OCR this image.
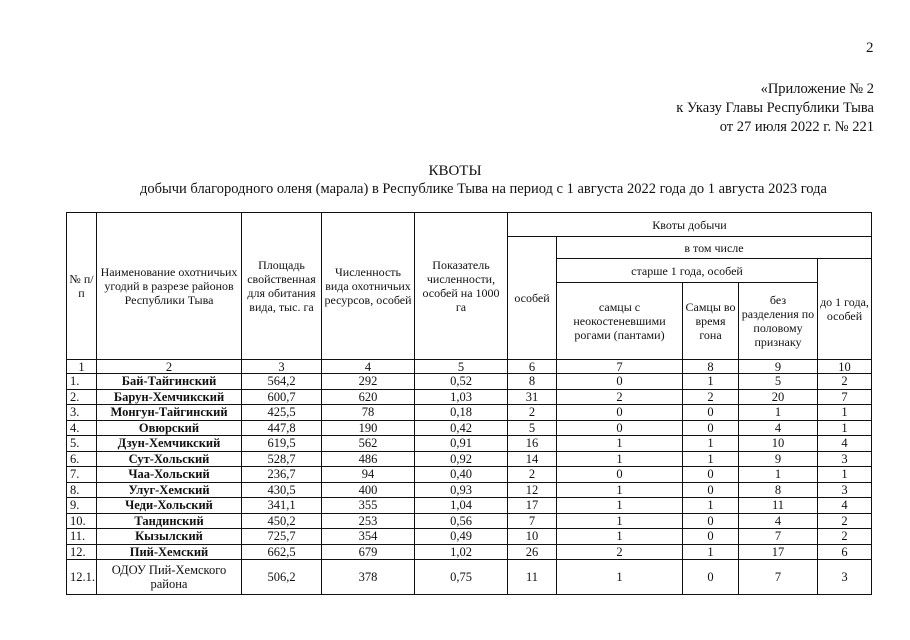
2
«Приложение № 2
к Указу Главы Республики Тыва
от 27 июля 2022 г. № 221
КВОТЫ
добычи благородного оленя (марала) в Республике Тыва на период с 1 августа 2022 года до 1 августа 2023 года
№ п/п	Наименование охотничьих угодий в разрезе районов Республики Тыва	Площадь свойственная для обитания вида, тыс. га	Численность вида охотничьих ресурсов, особей	Показатель численности, особей на 1000 га	Квоты добычи				
					особей	в том числе			
						старше 1 года, особей			до 1 года, особей
						самцы с неокостеневшими рогами (пантами)	Самцы во время гона	без разделения по половому признаку	
1	2	3	4	5	6	7	8	9	10
1.	Бай-Тайгинский	564,2	292	0,52	8	0	1	5	2
2.	Барун-Хемчикский	600,7	620	1,03	31	2	2	20	7
3.	Монгун-Тайгинский	425,5	78	0,18	2	0	0	1	1
4.	Овюрский	447,8	190	0,42	5	0	0	4	1
5.	Дзун-Хемчикский	619,5	562	0,91	16	1	1	10	4
6.	Сут-Хольский	528,7	486	0,92	14	1	1	9	3
7.	Чаа-Хольский	236,7	94	0,40	2	0	0	1	1
8.	Улуг-Хемский	430,5	400	0,93	12	1	0	8	3
9.	Чеди-Хольский	341,1	355	1,04	17	1	1	11	4
10.	Тандинский	450,2	253	0,56	7	1	0	4	2
11.	Кызылский	725,7	354	0,49	10	1	0	7	2
12.	Пий-Хемский	662,5	679	1,02	26	2	1	17	6
12.1.	ОДОУ Пий-Хемского района	506,2	378	0,75	11	1	0	7	3
